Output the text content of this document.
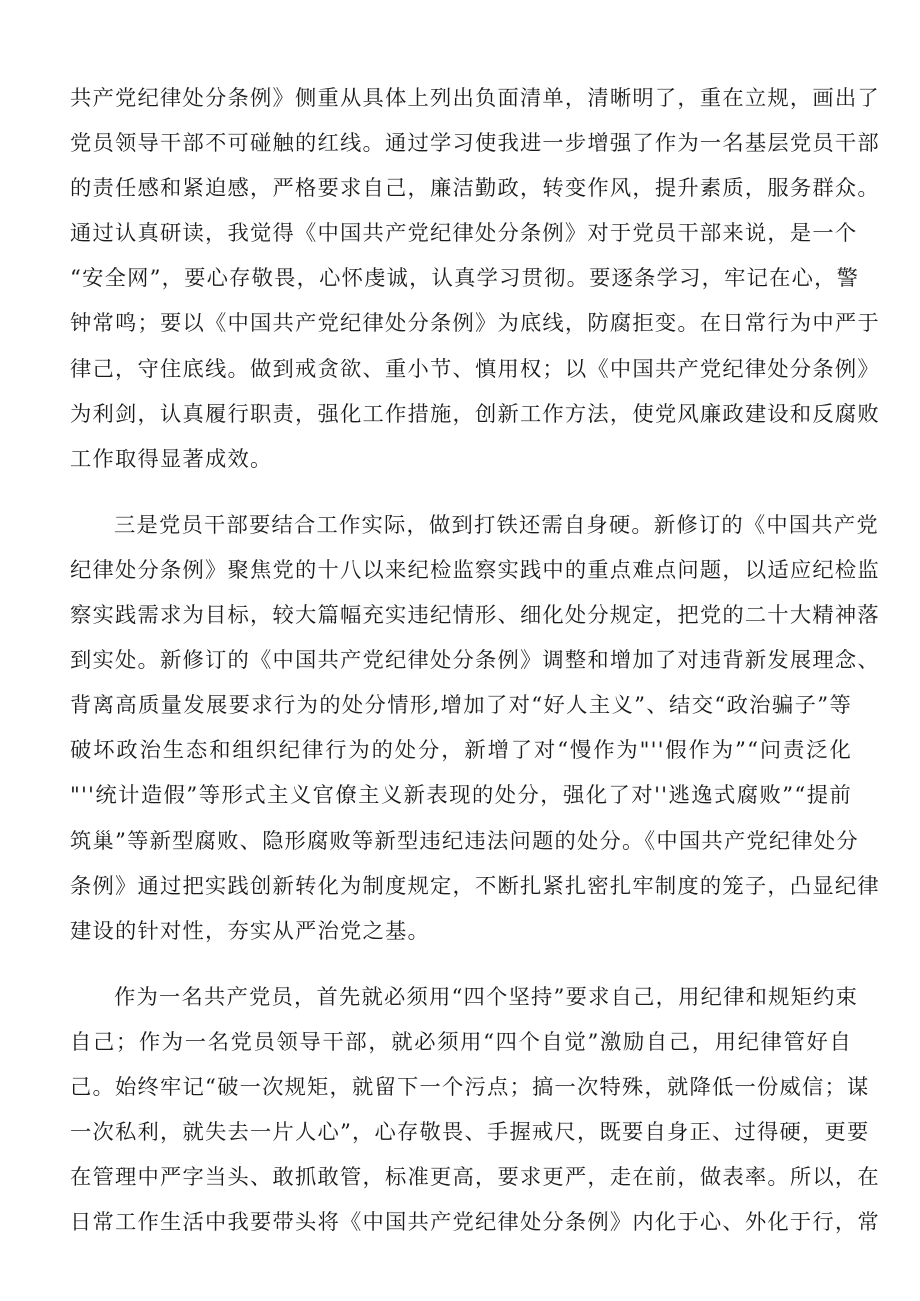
共产党纪律处分条例》侧重从具体上列出负面清单，清晰明了，重在立规，画出了
党员领导干部不可碰触的红线。通过学习使我进一步增强了作为一名基层党员干部
的责任感和紧迫感，严格要求自己，廉洁勤政，转变作风，提升素质，服务群众。
通过认真研读，我觉得《中国共产党纪律处分条例》对于党员干部来说，是一个
“安全网”，要心存敬畏，心怀虔诚，认真学习贯彻。要逐条学习，牢记在心，警
钟常鸣；要以《中国共产党纪律处分条例》为底线，防腐拒变。在日常行为中严于
律己，守住底线。做到戒贪欲、重小节、慎用权；以《中国共产党纪律处分条例》
为利剑，认真履行职责，强化工作措施，创新工作方法，使党风廉政建设和反腐败
工作取得显著成效。

三是党员干部要结合工作实际，做到打铁还需自身硬。新修订的《中国共产党
纪律处分条例》聚焦党的十八以来纪检监察实践中的重点难点问题，以适应纪检监
察实践需求为目标，较大篇幅充实违纪情形、细化处分规定，把党的二十大精神落
到实处。新修订的《中国共产党纪律处分条例》调整和增加了对违背新发展理念、
背离高质量发展要求行为的处分情形,增加了对“好人主义”、结交“政治骗子”等
破坏政治生态和组织纪律行为的处分，新增了对“慢作为"''假作为”“问责泛化
"''统计造假”等形式主义官僚主义新表现的处分，强化了对''逃逸式腐败”“提前
筑巢”等新型腐败、隐形腐败等新型违纪违法问题的处分。《中国共产党纪律处分
条例》通过把实践创新转化为制度规定，不断扎紧扎密扎牢制度的笼子，凸显纪律
建设的针对性，夯实从严治党之基。

作为一名共产党员，首先就必须用“四个坚持”要求自己，用纪律和规矩约束
自己；作为一名党员领导干部，就必须用“四个自觉”激励自己，用纪律管好自
己。始终牢记“破一次规矩，就留下一个污点；搞一次特殊，就降低一份威信；谋
一次私利，就失去一片人心”，心存敬畏、手握戒尺，既要自身正、过得硬，更要
在管理中严字当头、敢抓敢管，标准更高，要求更严，走在前，做表率。所以，在
日常工作生活中我要带头将《中国共产党纪律处分条例》内化于心、外化于行，常
